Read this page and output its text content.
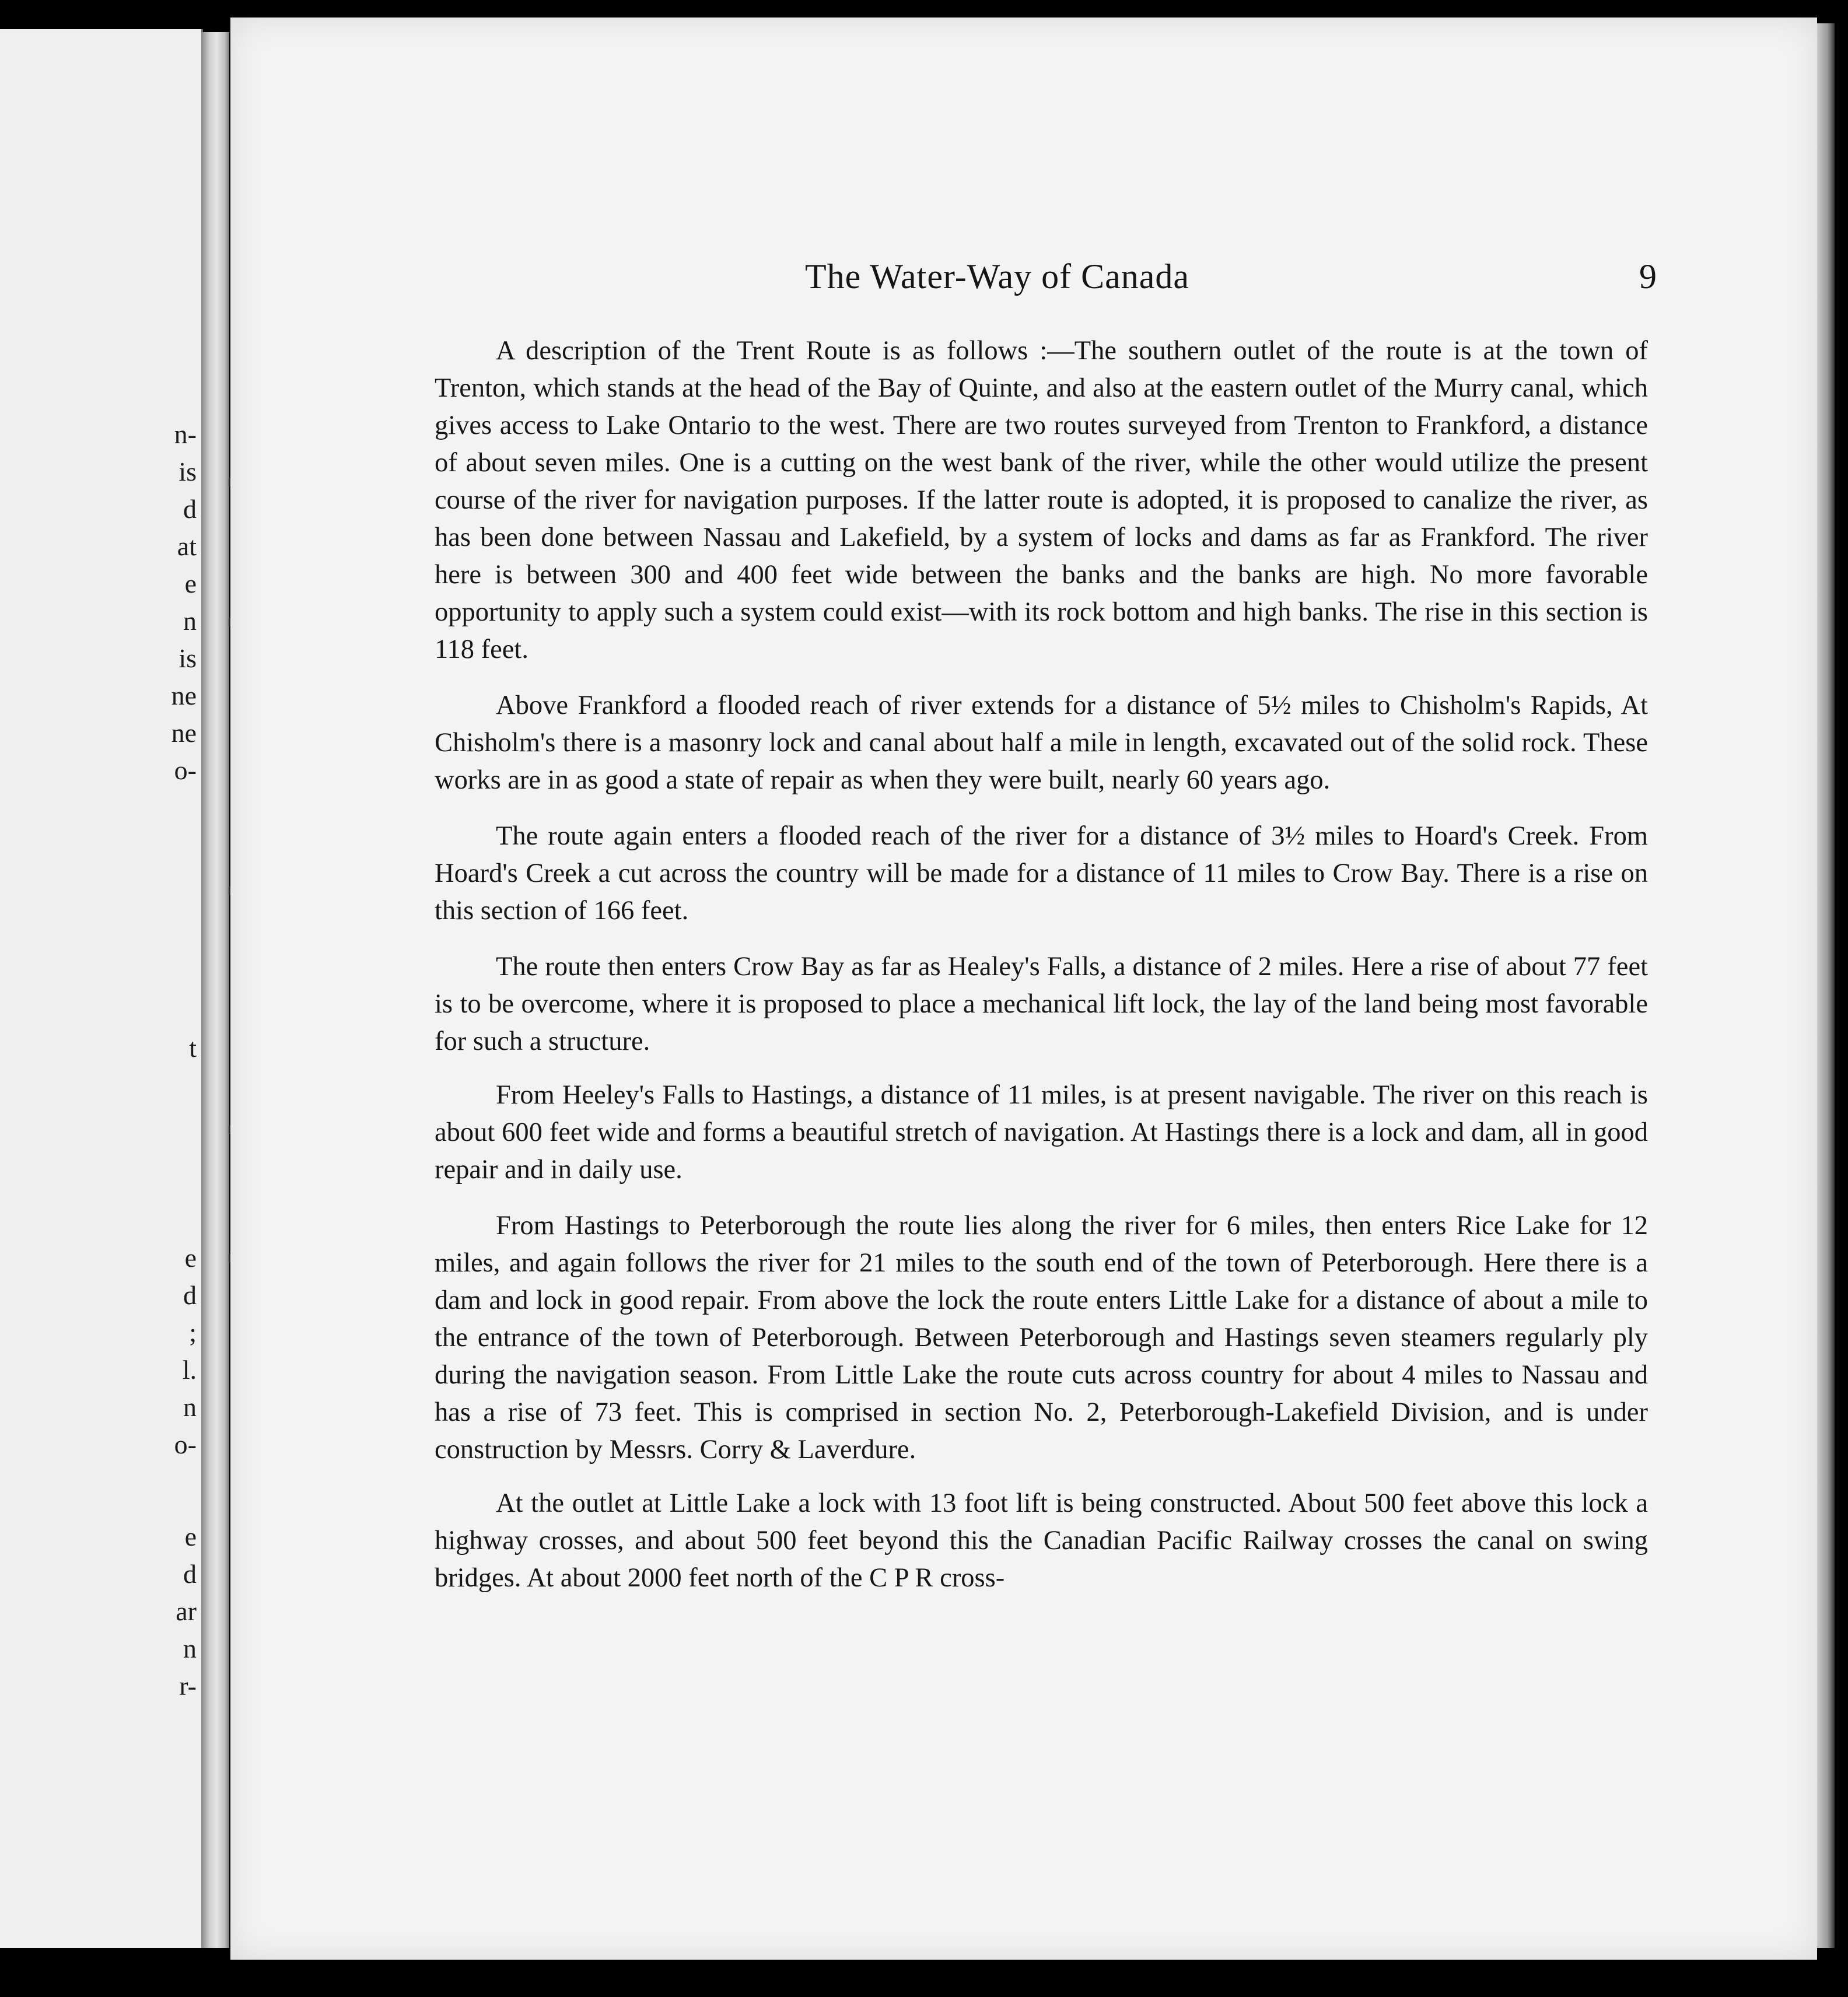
n-
is
d
at
e
n
is
ne
ne
o-
t
e
d
;
l.
n
o-
e
d
ar
n
r-
The Water-Way of Canada	9

A description of the Trent Route is as follows :—The southern outlet of the route is at the town of Trenton, which stands at the head of the Bay of Quinte, and also at the eastern outlet of the Murry canal, which gives access to Lake Ontario to the west. There are two routes surveyed from Trenton to Frankford, a distance of about seven miles. One is a cutting on the west bank of the river, while the other would utilize the present course of the river for navigation purposes. If the latter route is adopted, it is proposed to canalize the river, as has been done between Nassau and Lakefield, by a system of locks and dams as far as Frankford. The river here is between 300 and 400 feet wide between the banks and the banks are high. No more favorable opportunity to apply such a system could exist—with its rock bottom and high banks. The rise in this section is 118 feet.

Above Frankford a flooded reach of river extends for a distance of 5½ miles to Chisholm's Rapids, At Chisholm's there is a masonry lock and canal about half a mile in length, excavated out of the solid rock. These works are in as good a state of repair as when they were built, nearly 60 years ago.

The route again enters a flooded reach of the river for a distance of 3½ miles to Hoard's Creek. From Hoard's Creek a cut across the country will be made for a distance of 11 miles to Crow Bay. There is a rise on this section of 166 feet.

The route then enters Crow Bay as far as Healey's Falls, a distance of 2 miles. Here a rise of about 77 feet is to be overcome, where it is proposed to place a mechanical lift lock, the lay of the land being most favorable for such a structure.

From Heeley's Falls to Hastings, a distance of 11 miles, is at present navigable. The river on this reach is about 600 feet wide and forms a beautiful stretch of navigation. At Hastings there is a lock and dam, all in good repair and in daily use.

From Hastings to Peterborough the route lies along the river for 6 miles, then enters Rice Lake for 12 miles, and again follows the river for 21 miles to the south end of the town of Peterborough. Here there is a dam and lock in good repair. From above the lock the route enters Little Lake for a distance of about a mile to the entrance of the town of Peterborough. Between Peterborough and Hastings seven steamers regularly ply during the navigation season. From Little Lake the route cuts across country for about 4 miles to Nassau and has a rise of 73 feet. This is comprised in section No. 2, Peterborough-Lakefield Division, and is under construction by Messrs. Corry & Laverdure.

At the outlet at Little Lake a lock with 13 foot lift is being constructed. About 500 feet above this lock a highway crosses, and about 500 feet beyond this the Canadian Pacific Railway crosses the canal on swing bridges. At about 2000 feet north of the C P R cross-
